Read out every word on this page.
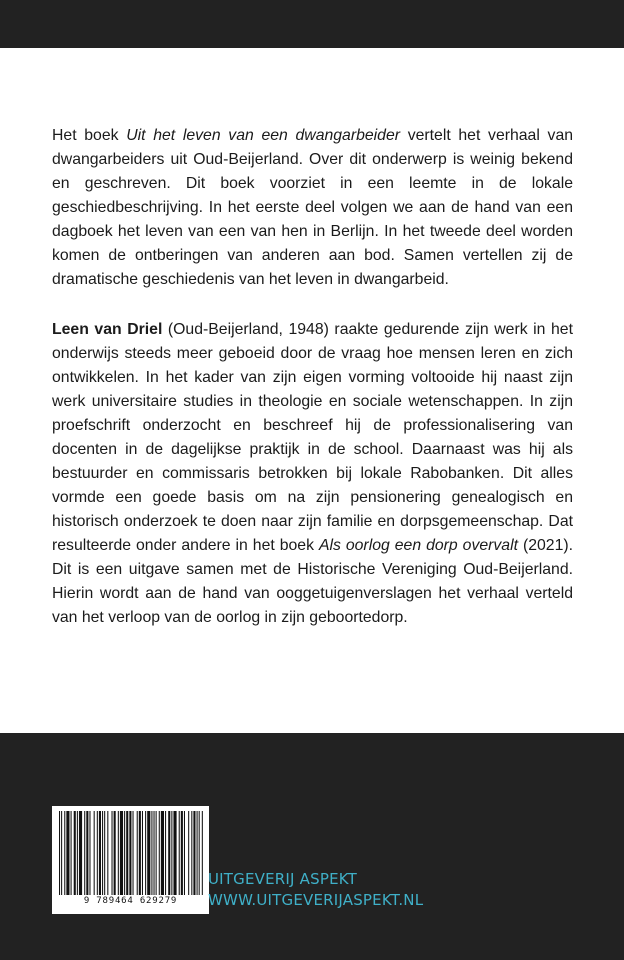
Het boek Uit het leven van een dwangarbeider vertelt het verhaal van dwangarbeiders uit Oud-Beijerland. Over dit onderwerp is weinig bekend en geschreven. Dit boek voorziet in een leemte in de lokale geschiedbeschrijving. In het eerste deel volgen we aan de hand van een dagboek het leven van een van hen in Berlijn. In het tweede deel worden komen de ontberingen van anderen aan bod. Samen vertellen zij de dramatische geschiedenis van het leven in dwangarbeid.

Leen van Driel (Oud-Beijerland, 1948) raakte gedurende zijn werk in het onderwijs steeds meer geboeid door de vraag hoe mensen leren en zich ontwikkelen. In het kader van zijn eigen vorming voltooide hij naast zijn werk universitaire studies in theologie en sociale wetenschappen. In zijn proefschrift onderzocht en beschreef hij de professionalisering van docenten in de dagelijkse praktijk in de school. Daarnaast was hij als bestuurder en commissaris betrokken bij lokale Rabobanken. Dit alles vormde een goede basis om na zijn pensionering genealogisch en historisch onderzoek te doen naar zijn familie en dorpsgemeenschap. Dat resulteerde onder andere in het boek Als oorlog een dorp overvalt (2021). Dit is een uitgave samen met de Historische Vereniging Oud-Beijerland. Hierin wordt aan de hand van ooggetuigenverslagen het verhaal verteld van het verloop van de oorlog in zijn geboortedorp.

9 789464 629279
UITGEVERIJ ASPEKT
WWW.UITGEVERIJASPEKT.NL
